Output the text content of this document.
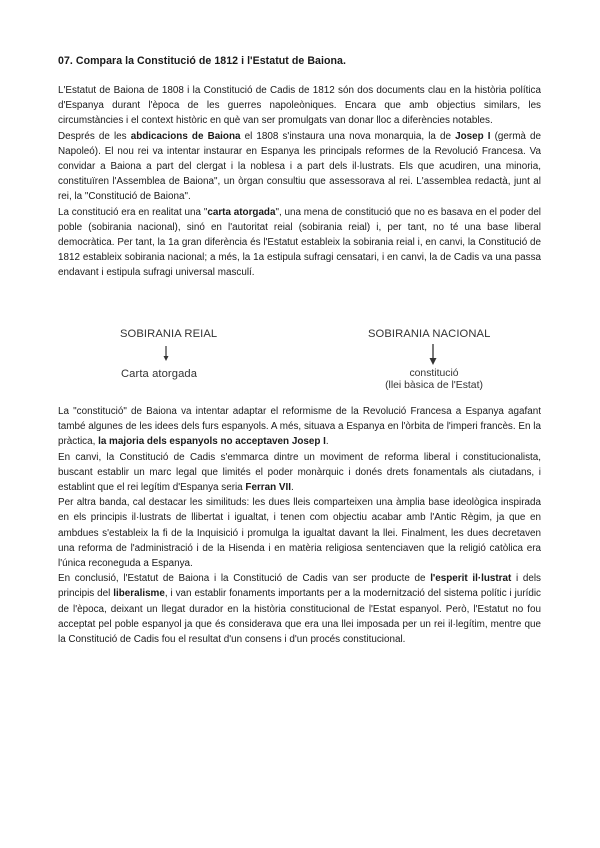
07. Compara la Constitució de 1812 i l'Estatut de Baiona.

L'Estatut de Baiona de 1808 i la Constitució de Cadis de 1812 són dos documents clau en la història política d'Espanya durant l'època de les guerres napoleòniques. Encara que amb objectius similars, les circumstàncies i el context històric en què van ser promulgats van donar lloc a diferències notables.

Després de les abdicacions de Baiona el 1808 s'instaura una nova monarquia, la de Josep I (germà de Napoleó). El nou rei va intentar instaurar en Espanya les principals reformes de la Revolució Francesa. Va convidar a Baiona a part del clergat i la noblesa i a part dels il·lustrats. Els que acudiren, una minoria, constituïren l'Assemblea de Baiona", un òrgan consultiu que assessorava al rei. L'assemblea redactà, junt al rei, la "Constitució de Baiona".

La constitució era en realitat una "carta atorgada", una mena de constitució que no es basava en el poder del poble (sobirania nacional), sinó en l'autoritat reial (sobirania reial) i, per tant, no té una base liberal democràtica. Per tant, la 1a gran diferència és l'Estatut estableix la sobirania reial i, en canvi, la Constitució de 1812 estableix sobirania nacional; a més, la 1a estipula sufragi censatari, i en canvi, la de Cadis va una passa endavant i estipula sufragi universal masculí.

SOBIRANIA REIAL
Carta atorgada
SOBIRANIA NACIONAL
constitució
(llei bàsica de l'Estat)

La "constitució" de Baiona va intentar adaptar el reformisme de la Revolució Francesa a Espanya agafant també algunes de les idees dels furs espanyols. A més, situava a Espanya en l'òrbita de l'imperi francès. En la pràctica, la majoria dels espanyols no acceptaven Josep I.

En canvi, la Constitució de Cadis s'emmarca dintre un moviment de reforma liberal i constitucionalista, buscant establir un marc legal que limités el poder monàrquic i donés drets fonamentals als ciutadans, i establint que el rei legítim d'Espanya seria Ferran VII.

Per altra banda, cal destacar les similituds: les dues lleis comparteixen una àmplia base ideològica inspirada en els principis il·lustrats de llibertat i igualtat, i tenen com objectiu acabar amb l'Antic Règim, ja que en ambdues s'estableix la fi de la Inquisició i promulga la igualtat davant la llei. Finalment, les dues decretaven una reforma de l'administració i de la Hisenda i en matèria religiosa sentenciaven que la religió catòlica era l'única reconeguda a Espanya.

En conclusió, l'Estatut de Baiona i la Constitució de Cadis van ser producte de l'esperit il·lustrat i dels principis del liberalisme, i van establir fonaments importants per a la modernització del sistema polític i jurídic de l'època, deixant un llegat durador en la història constitucional de l'Estat espanyol. Però, l'Estatut no fou acceptat pel poble espanyol ja que és considerava que era una llei imposada per un rei il·legítim, mentre que la Constitució de Cadis fou el resultat d'un consens i d'un procés constitucional.
